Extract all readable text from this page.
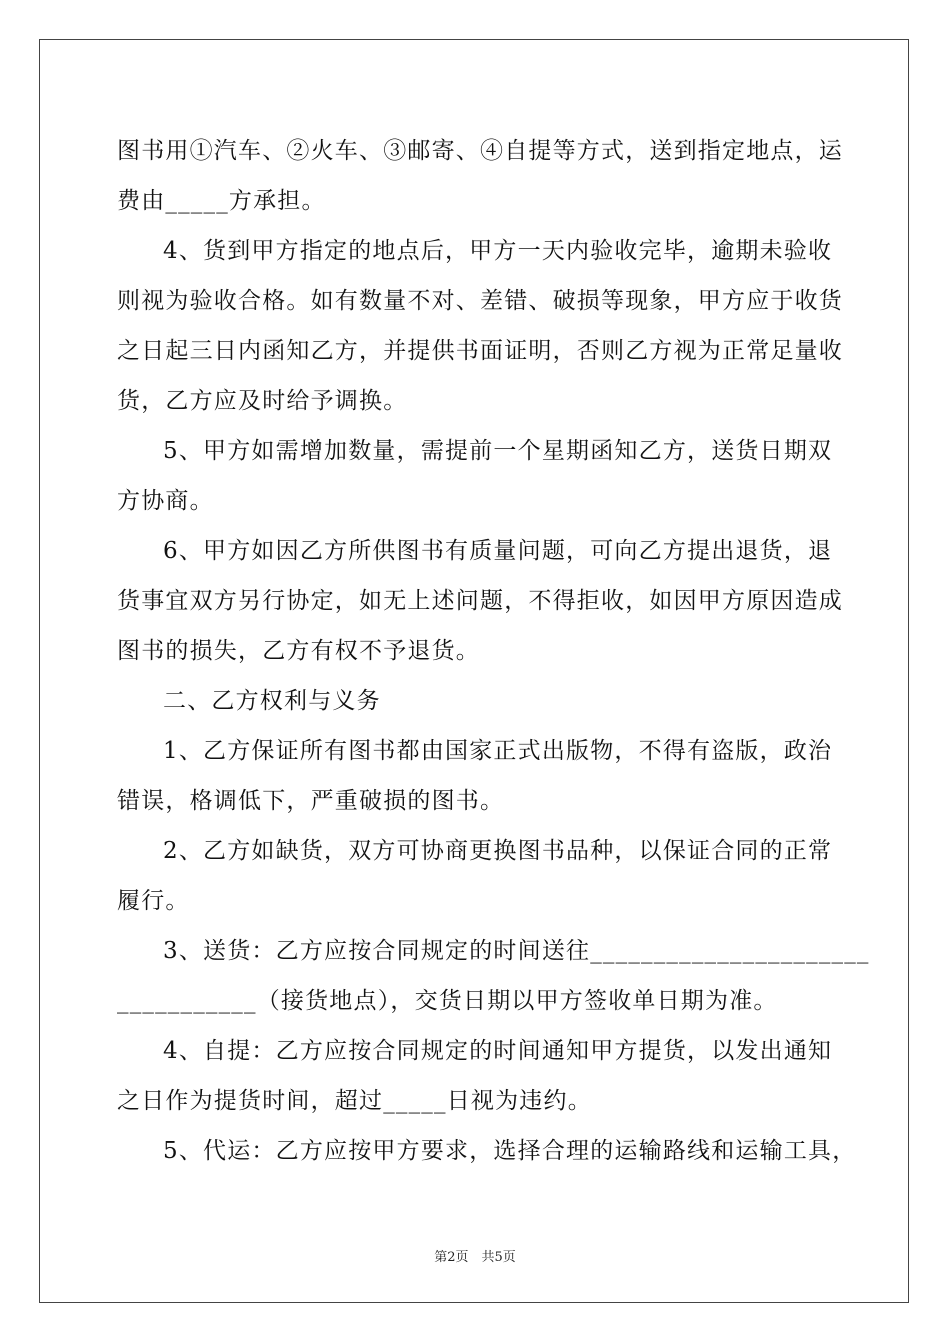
图书用①汽车、②火车、③邮寄、④自提等方式，送到指定地点，运
费由_____方承担。
4、货到甲方指定的地点后，甲方一天内验收完毕，逾期未验收
则视为验收合格。如有数量不对、差错、破损等现象，甲方应于收货
之日起三日内函知乙方，并提供书面证明，否则乙方视为正常足量收
货，乙方应及时给予调换。
5、甲方如需增加数量，需提前一个星期函知乙方，送货日期双
方协商。
6、甲方如因乙方所供图书有质量问题，可向乙方提出退货，退
货事宜双方另行协定，如无上述问题，不得拒收，如因甲方原因造成
图书的损失，乙方有权不予退货。
二、乙方权利与义务
1、乙方保证所有图书都由国家正式出版物，不得有盗版，政治
错误，格调低下，严重破损的图书。
2、乙方如缺货，双方可协商更换图书品种，以保证合同的正常
履行。
3、送货：乙方应按合同规定的时间送往______________________
___________（接货地点），交货日期以甲方签收单日期为准。
4、自提：乙方应按合同规定的时间通知甲方提货，以发出通知
之日作为提货时间，超过_____日视为违约。
5、代运：乙方应按甲方要求，选择合理的运输路线和运输工具，
第2页　共5页
